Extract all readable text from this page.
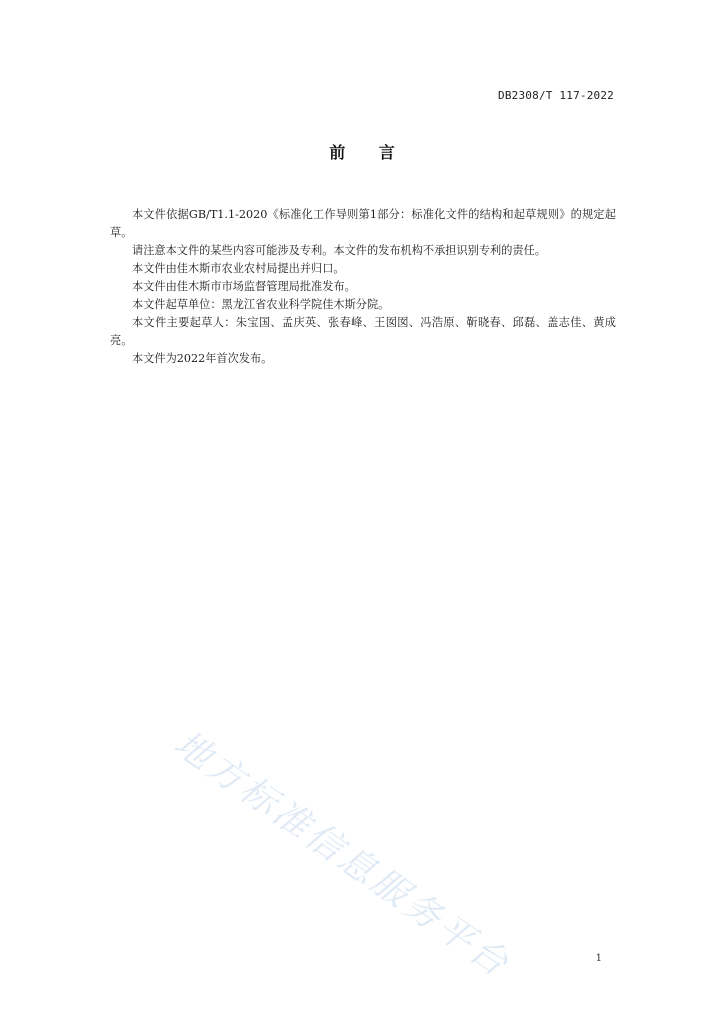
DB2308/T 117-2022
前 言

本文件依据GB/T1.1-2020《标准化工作导则第1部分：标准化文件的结构和起草规则》的规定起草。

请注意本文件的某些内容可能涉及专利。本文件的发布机构不承担识别专利的责任。

本文件由佳木斯市农业农村局提出并归口。

本文件由佳木斯市市场监督管理局批准发布。

本文件起草单位：黑龙江省农业科学院佳木斯分院。

本文件主要起草人：朱宝国、孟庆英、张春峰、王囡囡、冯浩原、靳晓春、邱磊、盖志佳、黄成亮。

本文件为2022年首次发布。

地方标准信息服务平台	1
